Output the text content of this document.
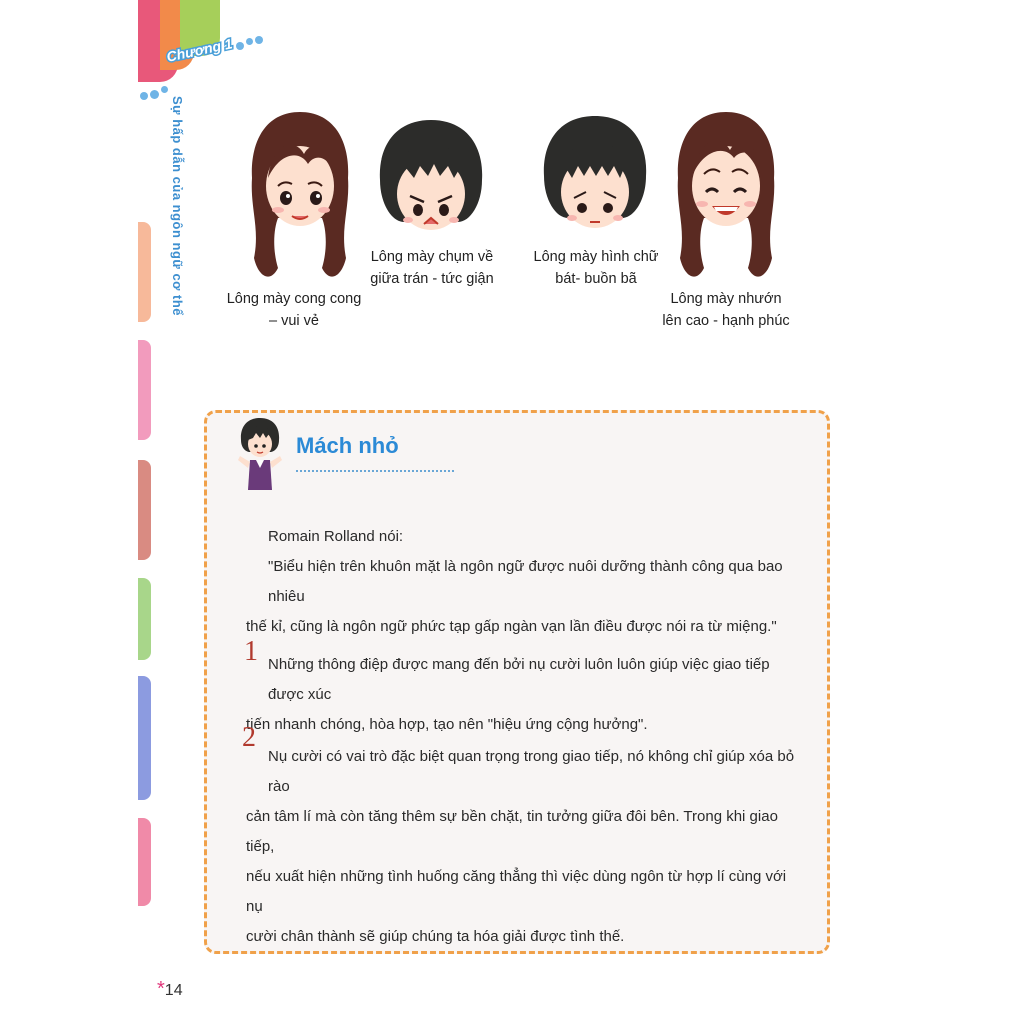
Chương 1
Sự hấp dẫn của ngôn ngữ cơ thể	Lông mày cong cong
– vui vẻ
Lông mày chụm về
giữa trán - tức giận
Lông mày hình chữ
bát- buồn bã
Lông mày nhướn
lên cao - hạnh phúc
Mách nhỏ
Romain Rolland nói:
"Biểu hiện trên khuôn mặt là ngôn ngữ được nuôi dưỡng thành công qua bao nhiêu
thế kỉ, cũng là ngôn ngữ phức tạp gấp ngàn vạn lần điều được nói ra từ miệng."
1 Những thông điệp được mang đến bởi nụ cười luôn luôn giúp việc giao tiếp được xúc
tiến nhanh chóng, hòa hợp, tạo nên "hiệu ứng cộng hưởng".
2
Nụ cười có vai trò đặc biệt quan trọng trong giao tiếp, nó không chỉ giúp xóa bỏ rào
cản tâm lí mà còn tăng thêm sự bền chặt, tin tưởng giữa đôi bên. Trong khi giao tiếp,
nếu xuất hiện những tình huống căng thẳng thì việc dùng ngôn từ hợp lí cùng với nụ
cười chân thành sẽ giúp chúng ta hóa giải được tình thế.
*14
